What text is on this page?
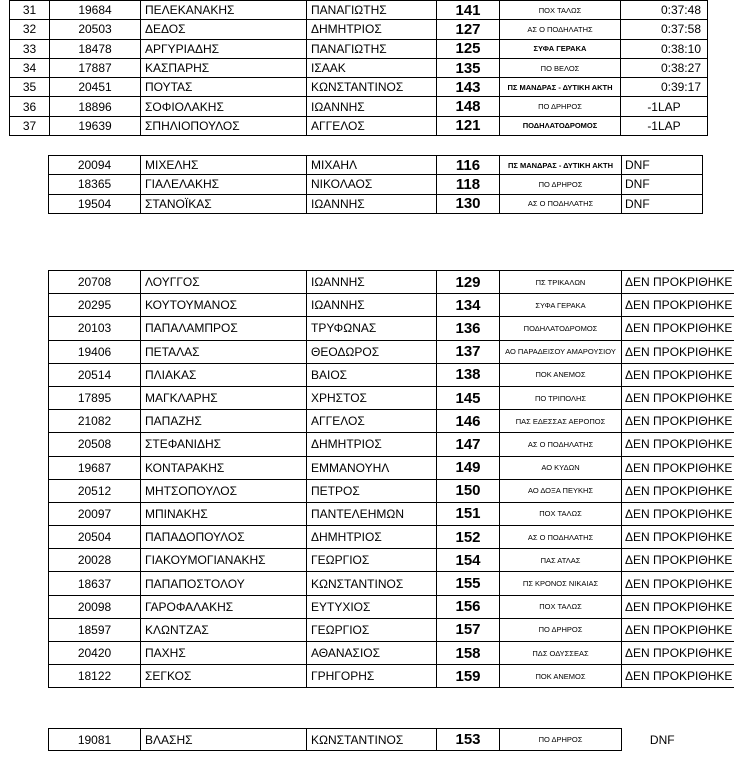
31	19684	ΠΕΛΕΚΑΝΑΚΗΣ	ΠΑΝΑΓΙΩΤΗΣ	141	ΠΟΧ ΤΑΛΩΣ	0:37:48
32	20503	ΔΕΔΟΣ	ΔΗΜΗΤΡΙΟΣ	127	ΑΣ Ο ΠΟΔΗΛΑΤΗΣ	0:37:58
33	18478	ΑΡΓΥΡΙΑΔΗΣ	ΠΑΝΑΓΙΩΤΗΣ	125	ΣΥΦΑ ΓΕΡΑΚΑ	0:38:10
34	17887	ΚΑΣΠΑΡΗΣ	ΙΣΑΑΚ	135	ΠΟ ΒΕΛΟΣ	0:38:27
35	20451	ΠΟΥΤΑΣ	ΚΩΝΣΤΑΝΤΙΝΟΣ	143	ΠΣ ΜΑΝΔΡΑΣ - ΔΥΤΙΚΗ ΑΚΤΗ	0:39:17
36	18896	ΣΟΦΙΟΛΑΚΗΣ	ΙΩΑΝΝΗΣ	148	ΠΟ ΔΡΗΡΟΣ	-1LAP
37	19639	ΣΠΗΛΙΟΠΟΥΛΟΣ	ΑΓΓΕΛΟΣ	121	ΠΟΔΗΛΑΤΟΔΡΟΜΟΣ	-1LAP
20094	ΜΙΧΕΛΗΣ	ΜΙΧΑΗΛ	116	ΠΣ ΜΑΝΔΡΑΣ - ΔΥΤΙΚΗ ΑΚΤΗ	DNF
18365	ΓΙΑΛΕΛΑΚΗΣ	ΝΙΚΟΛΑΟΣ	118	ΠΟ ΔΡΗΡΟΣ	DNF
19504	ΣΤΑΝΟΪΚΑΣ	ΙΩΑΝΝΗΣ	130	ΑΣ Ο ΠΟΔΗΛΑΤΗΣ	DNF
20708	ΛΟΥΓΓΟΣ	ΙΩΑΝΝΗΣ	129	ΠΣ ΤΡΙΚΑΛΩΝ	ΔΕΝ ΠΡΟΚΡΙΘΗΚΕ
20295	ΚΟΥΤΟΥΜΑΝΟΣ	ΙΩΑΝΝΗΣ	134	ΣΥΦΑ ΓΕΡΑΚΑ	ΔΕΝ ΠΡΟΚΡΙΘΗΚΕ
20103	ΠΑΠΑΛΑΜΠΡΟΣ	ΤΡΥΦΩΝΑΣ	136	ΠΟΔΗΛΑΤΟΔΡΟΜΟΣ	ΔΕΝ ΠΡΟΚΡΙΘΗΚΕ
19406	ΠΕΤΑΛΑΣ	ΘΕΟΔΩΡΟΣ	137	ΑΟ ΠΑΡΑΔΕΙΣΟΥ ΑΜΑΡΟΥΣΙΟΥ	ΔΕΝ ΠΡΟΚΡΙΘΗΚΕ
20514	ΠΛΙΑΚΑΣ	ΒΑΙΟΣ	138	ΠΟΚ ΑΝΕΜΟΣ	ΔΕΝ ΠΡΟΚΡΙΘΗΚΕ
17895	ΜΑΓΚΛΑΡΗΣ	ΧΡΗΣΤΟΣ	145	ΠΟ ΤΡΙΠΟΛΗΣ	ΔΕΝ ΠΡΟΚΡΙΘΗΚΕ
21082	ΠΑΠΑΖΗΣ	ΑΓΓΕΛΟΣ	146	ΠΑΣ ΕΔΕΣΣΑΣ ΑΕΡΟΠΟΣ	ΔΕΝ ΠΡΟΚΡΙΘΗΚΕ
20508	ΣΤΕΦΑΝΙΔΗΣ	ΔΗΜΗΤΡΙΟΣ	147	ΑΣ Ο ΠΟΔΗΛΑΤΗΣ	ΔΕΝ ΠΡΟΚΡΙΘΗΚΕ
19687	ΚΟΝΤΑΡΑΚΗΣ	ΕΜΜΑΝΟΥΗΛ	149	ΑΟ ΚΥΔΩΝ	ΔΕΝ ΠΡΟΚΡΙΘΗΚΕ
20512	ΜΗΤΣΟΠΟΥΛΟΣ	ΠΕΤΡΟΣ	150	ΑΟ ΔΟΞΑ ΠΕΥΚΗΣ	ΔΕΝ ΠΡΟΚΡΙΘΗΚΕ
20097	ΜΠΙΝΑΚΗΣ	ΠΑΝΤΕΛΕΗΜΩΝ	151	ΠΟΧ ΤΑΛΩΣ	ΔΕΝ ΠΡΟΚΡΙΘΗΚΕ
20504	ΠΑΠΑΔΟΠΟΥΛΟΣ	ΔΗΜΗΤΡΙΟΣ	152	ΑΣ Ο ΠΟΔΗΛΑΤΗΣ	ΔΕΝ ΠΡΟΚΡΙΘΗΚΕ
20028	ΓΙΑΚΟΥΜΟΓΙΑΝΑΚΗΣ	ΓΕΩΡΓΙΟΣ	154	ΠΑΣ ΑΤΛΑΣ	ΔΕΝ ΠΡΟΚΡΙΘΗΚΕ
18637	ΠΑΠΑΠΟΣΤΟΛΟΥ	ΚΩΝΣΤΑΝΤΙΝΟΣ	155	ΠΣ ΚΡΟΝΟΣ ΝΙΚΑΙΑΣ	ΔΕΝ ΠΡΟΚΡΙΘΗΚΕ
20098	ΓΑΡΟΦΑΛΑΚΗΣ	ΕΥΤΥΧΙΟΣ	156	ΠΟΧ ΤΑΛΩΣ	ΔΕΝ ΠΡΟΚΡΙΘΗΚΕ
18597	ΚΛΩΝΤΖΑΣ	ΓΕΩΡΓΙΟΣ	157	ΠΟ ΔΡΗΡΟΣ	ΔΕΝ ΠΡΟΚΡΙΘΗΚΕ
20420	ΠΑΧΗΣ	ΑΘΑΝΑΣΙΟΣ	158	ΠΔΣ ΟΔΥΣΣΕΑΣ	ΔΕΝ ΠΡΟΚΡΙΘΗΚΕ
18122	ΣΕΓΚΟΣ	ΓΡΗΓΟΡΗΣ	159	ΠΟΚ ΑΝΕΜΟΣ	ΔΕΝ ΠΡΟΚΡΙΘΗΚΕ
19081	ΒΛΑΣΗΣ	ΚΩΝΣΤΑΝΤΙΝΟΣ	153	ΠΟ ΔΡΗΡΟΣ	DNF
